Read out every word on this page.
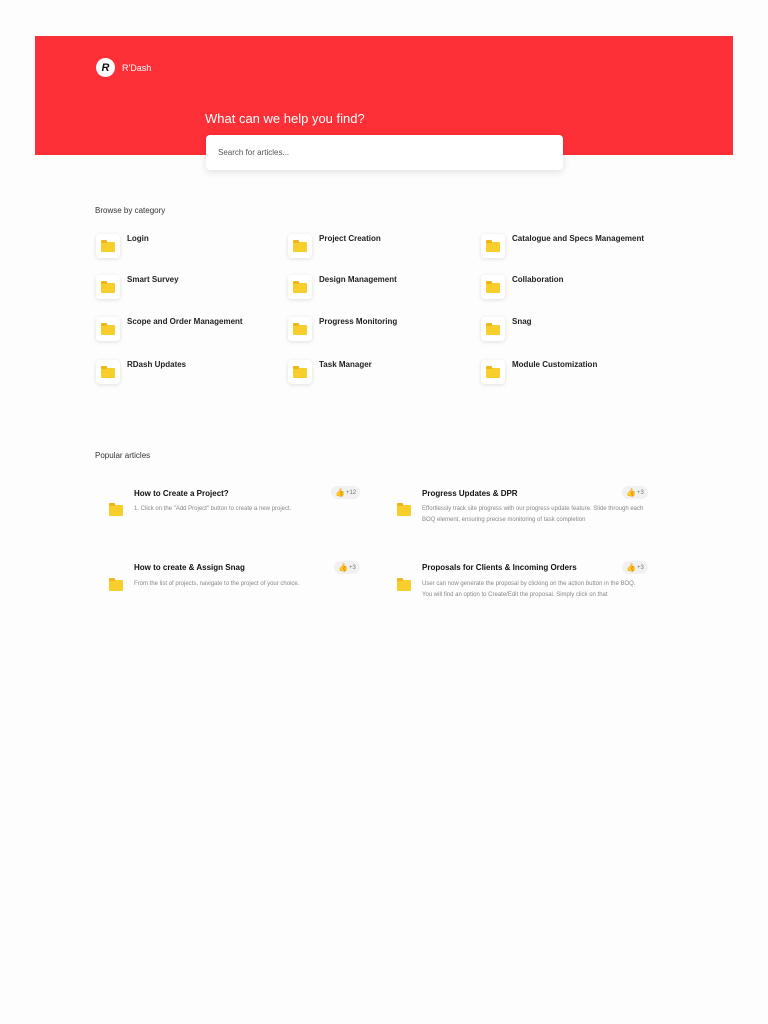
R	R'Dash
What can we help you find?
Search for articles...
Browse by category
Login	Project Creation	Catalogue and Specs Management
Smart Survey	Design Management	Collaboration
Scope and Order Management	Progress Monitoring	Snag
RDash Updates	Task Manager	Module Customization
Popular articles
How to Create a Project?
1. Click on the "Add Project" button to create a new project.
👍 +12	Progress Updates & DPR
Effortlessly track site progress with our progress update feature. Slide through each BOQ element, ensuring precise monitoring of task completion
👍 +3
How to create & Assign Snag
From the list of projects, navigate to the project of your choice.
👍 +3	Proposals for Clients & Incoming Orders
User can now generate the proposal by clicking on the action button in the BOQ. You will find an option to Create/Edit the proposal. Simply click on that
👍 +3
